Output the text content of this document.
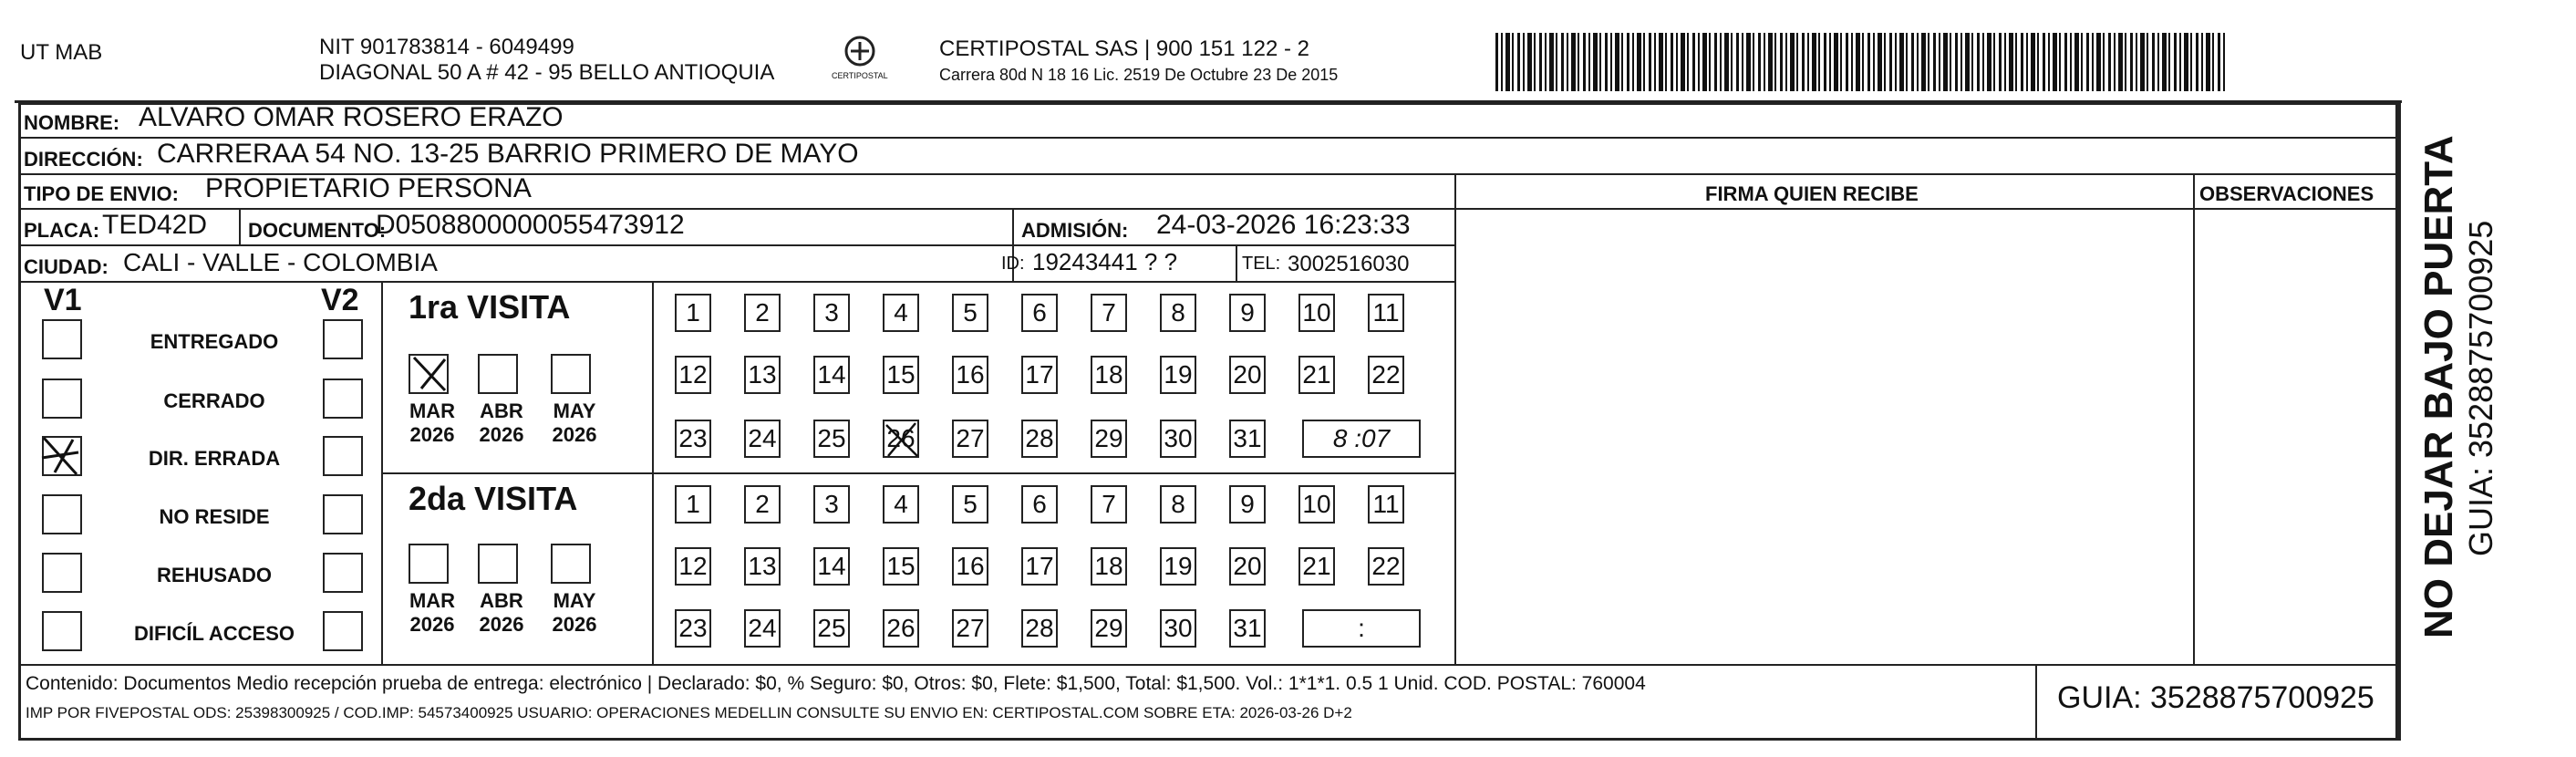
UT MAB	NIT 901783814 - 6049499
DIAGONAL 50 A # 42 - 95 BELLO ANTIOQUIA	CERTIPOSTAL
CERTIPOSTAL SAS | 900 151 122 - 2
Carrera 80d N 18 16 Lic. 2519 De Octubre 23 De 2015
NOMBRE: ALVARO OMAR ROSERO ERAZO
DIRECCIÓN: CARRERAA 54 NO. 13-25 BARRIO PRIMERO DE MAYO
TIPO DE ENVIO: PROPIETARIO PERSONA	FIRMA QUIEN RECIBE	OBSERVACIONES
PLACA: TED42D DOCUMENTO:
D0508800000055473912	ADMISIÓN: 24-03-2026 16:23:33
CIUDAD: CALI - VALLE - COLOMBIA	ID: 19243441 ? ?	TEL: 3002516030
V1	V2
ENTREGADO
CERRADO
DIR. ERRADA
NO RESIDE
REHUSADO
DIFICÍL ACCESO
1ra VISITA
2da VISITA
MAR
2026
ABR
2026
MAY
2026
MAR
2026
ABR
2026
MAY
2026
1	2	3	4	5	6	7	8	9	10 11
12 13 14 15 16 17 18 19 20 21 22
23 24 25 26 27 28 29 30 31	8 :07
1	2	3	4	5	6	7	8	9	10 11
12 13 14 15 16 17 18 19 20 21 22
23 24 25 26 27 28 29 30 31	:
Contenido: Documentos Medio recepción prueba de entrega: electrónico | Declarado: $0, % Seguro: $0, Otros: $0, Flete: $1,500, Total: $1,500. Vol.: 1*1*1. 0.5 1 Unid. COD. POSTAL: 760004
IMP POR FIVEPOSTAL ODS: 25398300925 / COD.IMP: 54573400925 USUARIO: OPERACIONES MEDELLIN CONSULTE SU ENVIO EN: CERTIPOSTAL.COM SOBRE ETA: 2026-03-26 D+2	GUIA: 3528875700925
NO DEJAR BAJO PUERTA GUIA: 3528875700925
